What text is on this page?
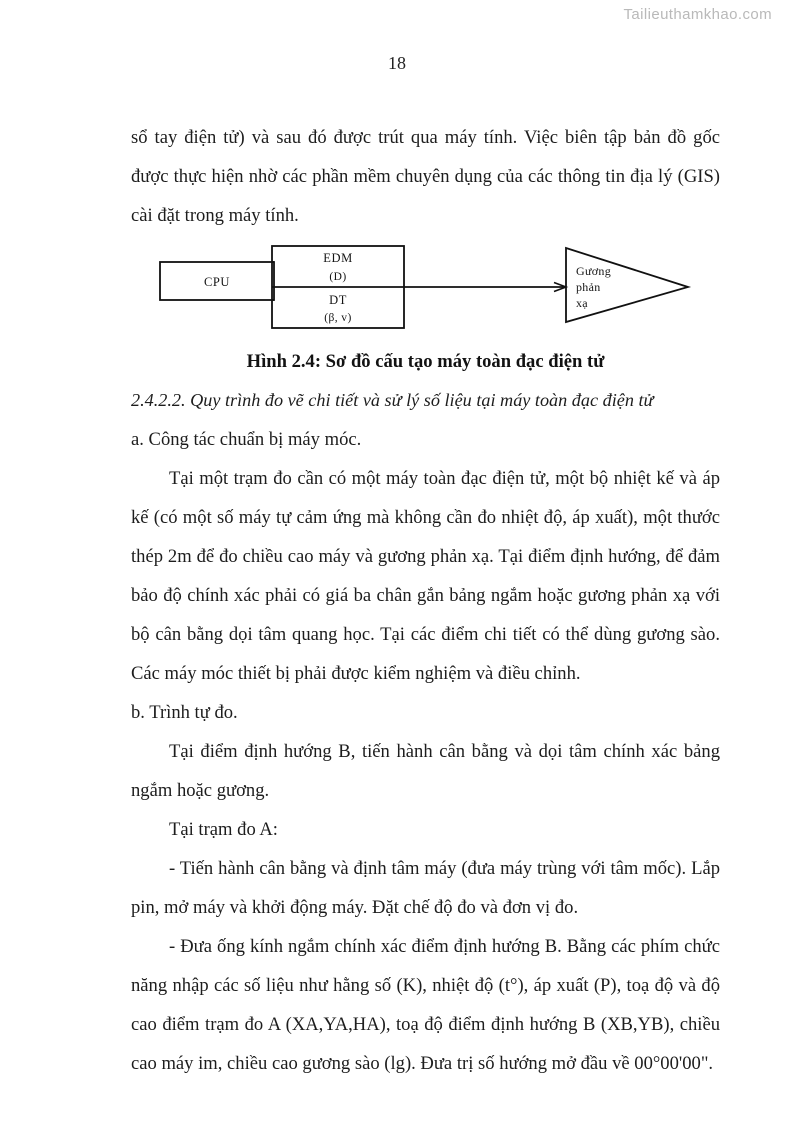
Tailieuthamkhao.com
18

sổ tay điện tử) và sau đó được trút qua máy tính. Việc biên tập bản đồ gốc được thực hiện nhờ các phần mềm chuyên dụng của các thông tin địa lý (GIS) cài đặt trong máy tính.

CPU
EDM
(D)
DT
(β, v)
Gương
phản
xạ
Hình 2.4: Sơ đồ cấu tạo máy toàn đạc điện tử
2.4.2.2. Quy trình đo vẽ chi tiết và sử lý số liệu tại máy toàn đạc điện tử

a. Công tác chuẩn bị máy móc.

Tại một trạm đo cần có một máy toàn đạc điện tử, một bộ nhiệt kế và áp kế (có một số máy tự cảm ứng mà không cần đo nhiệt độ, áp xuất), một thước thép 2m để đo chiều cao máy và gương phản xạ. Tại điểm định hướng, để đảm bảo độ chính xác phải có giá ba chân gắn bảng ngắm hoặc gương phản xạ với bộ cân bằng dọi tâm quang học. Tại các điểm chi tiết có thể dùng gương sào. Các máy móc thiết bị phải được kiểm nghiệm và điều chỉnh.

b. Trình tự đo.

Tại điểm định hướng B, tiến hành cân bằng và dọi tâm chính xác bảng ngắm hoặc gương.

Tại trạm đo A:

- Tiến hành cân bằng và định tâm máy (đưa máy trùng với tâm mốc). Lắp pin, mở máy và khởi động máy. Đặt chế độ đo và đơn vị đo.

- Đưa ống kính ngắm chính xác điểm định hướng B. Bằng các phím chức năng nhập các số liệu như hằng số (K), nhiệt độ (t°), áp xuất (P), toạ độ và độ cao điểm trạm đo A (XA,YA,HA), toạ độ điểm định hướng B (XB,YB), chiều cao máy im, chiều cao gương sào (lg). Đưa trị số hướng mở đầu về 00°00'00".
